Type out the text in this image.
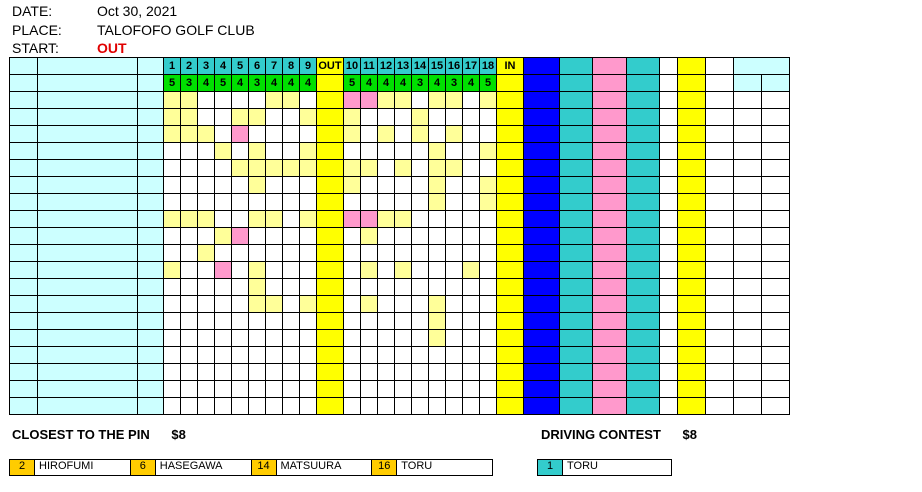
DATE:	Oct 30, 2021
PLACE:	TALOFOFO GOLF CLUB
START:	OUT
			1	2	3	4	5	6	7	8	9	OUT	10	11	12	13	14	15	16	17	18	IN									
			5	3	4	5	4	3	4	4	4		5	4	4	4	3	4	3	4	5										

CLOSEST TO THE PIN $8	DRIVING CONTEST $8
2	HIROFUMI	6	HASEGAWA	14 MATSUURA	16 TORU	1	TORU
